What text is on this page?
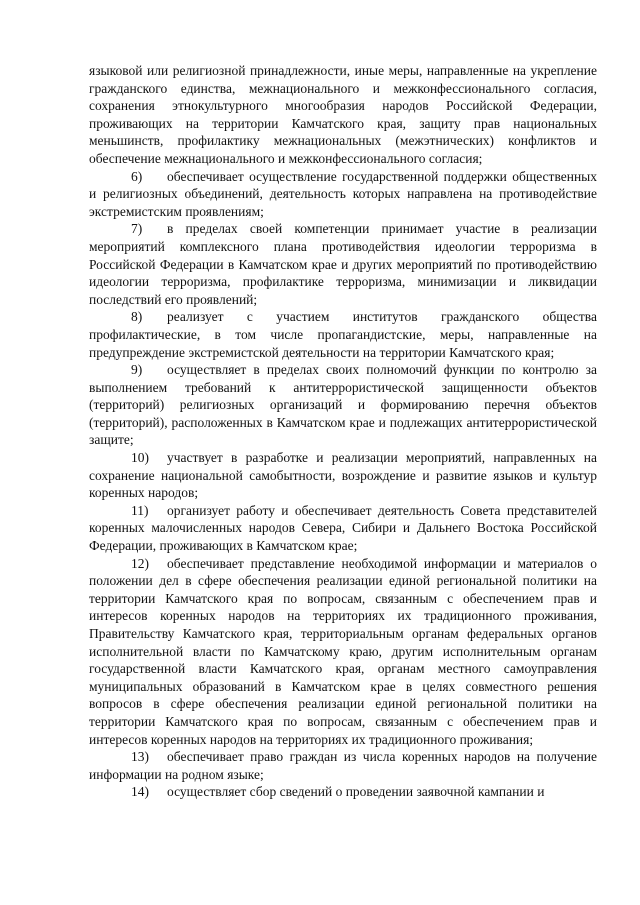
языковой или религиозной принадлежности, иные меры, направленные на укрепление гражданского единства, межнационального и межконфессионального согласия, сохранения этнокультурного многообразия народов Российской Федерации, проживающих на территории Камчатского края, защиту прав национальных меньшинств, профилактику межнациональных (межэтнических) конфликтов и обеспечение межнационального и межконфессионального согласия;

6) обеспечивает осуществление государственной поддержки общественных и религиозных объединений, деятельность которых направлена на противодействие экстремистским проявлениям;

7) в пределах своей компетенции принимает участие в реализации мероприятий комплексного плана противодействия идеологии терроризма в Российской Федерации в Камчатском крае и других мероприятий по противодействию идеологии терроризма, профилактике терроризма, минимизации и ликвидации последствий его проявлений;

8) реализует с участием институтов гражданского общества профилактические, в том числе пропагандистские, меры, направленные на предупреждение экстремистской деятельности на территории Камчатского края;

9) осуществляет в пределах своих полномочий функции по контролю за выполнением требований к антитеррористической защищенности объектов (территорий) религиозных организаций и формированию перечня объектов (территорий), расположенных в Камчатском крае и подлежащих антитеррористической защите;

10) участвует в разработке и реализации мероприятий, направленных на сохранение национальной самобытности, возрождение и развитие языков и культур коренных народов;

11) организует работу и обеспечивает деятельность Совета представителей коренных малочисленных народов Севера, Сибири и Дальнего Востока Российской Федерации, проживающих в Камчатском крае;

12) обеспечивает представление необходимой информации и материалов о положении дел в сфере обеспечения реализации единой региональной политики на территории Камчатского края по вопросам, связанным с обеспечением прав и интересов коренных народов на территориях их традиционного проживания, Правительству Камчатского края, территориальным органам федеральных органов исполнительной власти по Камчатскому краю, другим исполнительным органам государственной власти Камчатского края, органам местного самоуправления муниципальных образований в Камчатском крае в целях совместного решения вопросов в сфере обеспечения реализации единой региональной политики на территории Камчатского края по вопросам, связанным с обеспечением прав и интересов коренных народов на территориях их традиционного проживания;

13) обеспечивает право граждан из числа коренных народов на получение информации на родном языке;

14) осуществляет сбор сведений о проведении заявочной кампании и
